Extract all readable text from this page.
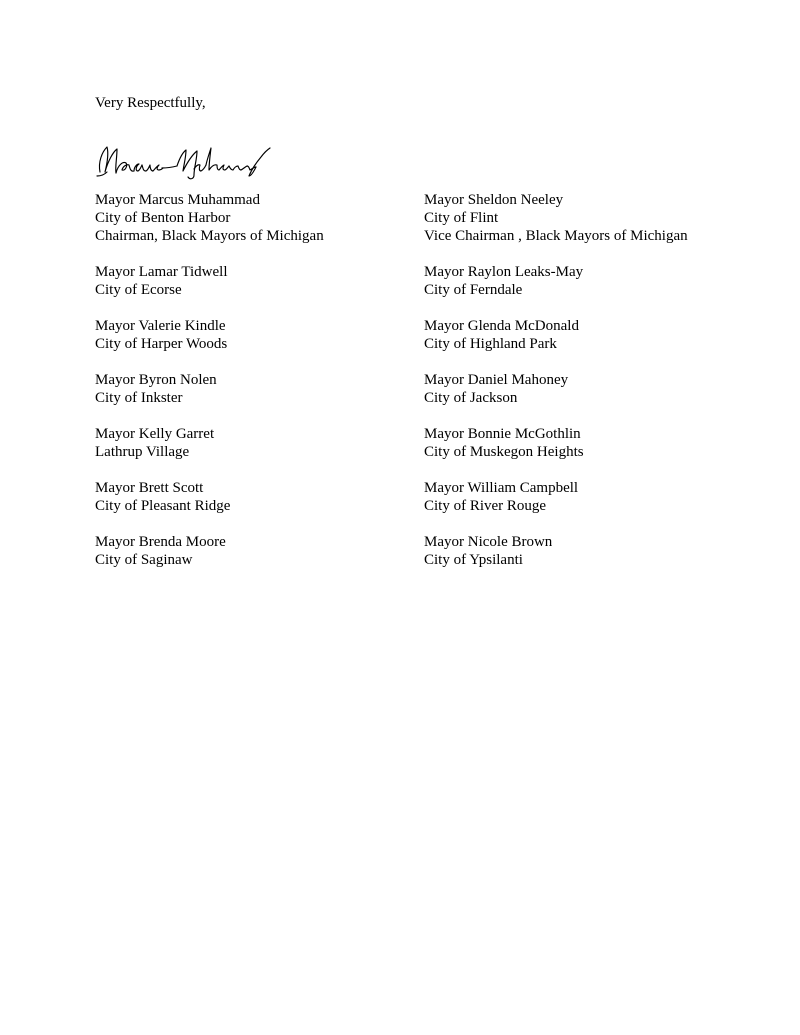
Very Respectfully,
Mayor Marcus Muhammad
City of Benton Harbor
Chairman, Black Mayors of Michigan
Mayor Lamar Tidwell
City of Ecorse
Mayor Valerie Kindle
City of Harper Woods
Mayor Byron Nolen
City of Inkster
Mayor Kelly Garret
Lathrup Village
Mayor Brett Scott
City of Pleasant Ridge
Mayor Brenda Moore
City of Saginaw
Mayor Sheldon Neeley
City of Flint
Vice Chairman , Black Mayors of Michigan
Mayor Raylon Leaks-May
City of Ferndale
Mayor Glenda McDonald
City of Highland Park
Mayor Daniel Mahoney
City of Jackson
Mayor Bonnie McGothlin
City of Muskegon Heights
Mayor William Campbell
City of River Rouge
Mayor Nicole Brown
City of Ypsilanti
